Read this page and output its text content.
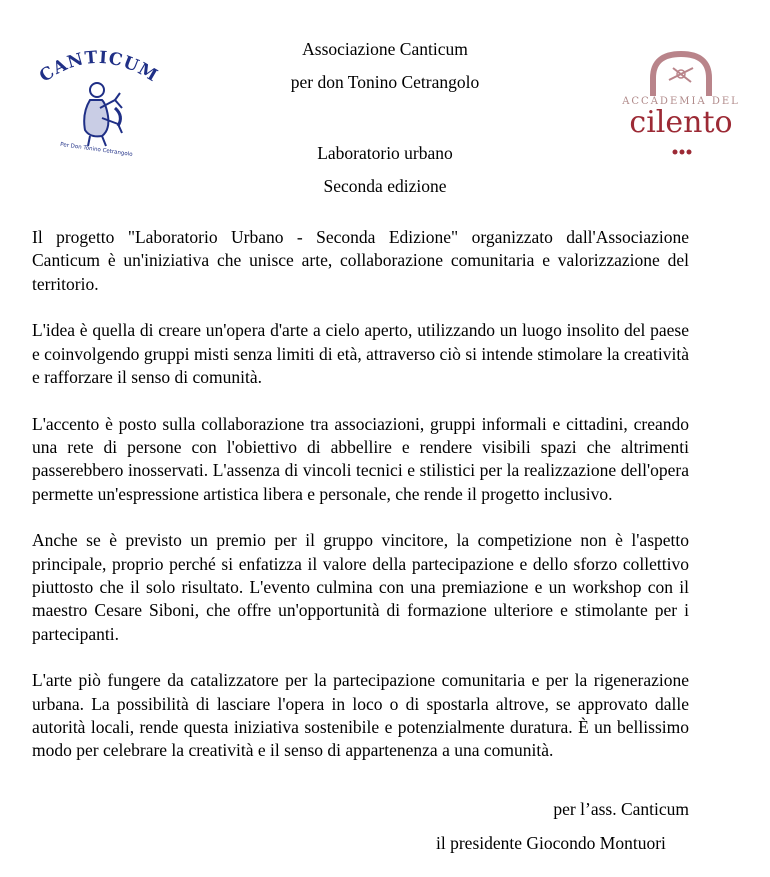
CANTICUM
Per Don Tonino Cetrangolo
Associazione Canticum
per don Tonino Cetrangolo
Laboratorio urbano
Seconda edizione
ACCADEMIA DEL
cilento

Il progetto "Laboratorio Urbano - Seconda Edizione" organizzato dall'Associazione Canticum è un'iniziativa che unisce arte, collaborazione comunitaria e valorizzazione del territorio.

L'idea è quella di creare un'opera d'arte a cielo aperto, utilizzando un luogo insolito del paese e coinvolgendo gruppi misti senza limiti di età, attraverso ciò si intende stimolare la creatività e rafforzare il senso di comunità.

L'accento è posto sulla collaborazione tra associazioni, gruppi informali e cittadini, creando una rete di persone con l'obiettivo di abbellire e rendere visibili spazi che altrimenti passerebbero inosservati. L'assenza di vincoli tecnici e stilistici per la realizzazione dell'opera permette un'espressione artistica libera e personale, che rende il progetto inclusivo.

Anche se è previsto un premio per il gruppo vincitore, la competizione non è l'aspetto principale, proprio perché si enfatizza il valore della partecipazione e dello sforzo collettivo piuttosto che il solo risultato. L'evento culmina con una premiazione e un workshop con il maestro Cesare Siboni, che offre un'opportunità di formazione ulteriore e stimolante per i partecipanti.

L'arte piò fungere da catalizzatore per la partecipazione comunitaria e per la rigenerazione urbana. La possibilità di lasciare l'opera in loco o di spostarla altrove, se approvato dalle autorità locali, rende questa iniziativa sostenibile e potenzialmente duratura. È un bellissimo modo per celebrare la creatività e il senso di appartenenza a una comunità.

per l’ass. Canticum
il presidente Giocondo Montuori
